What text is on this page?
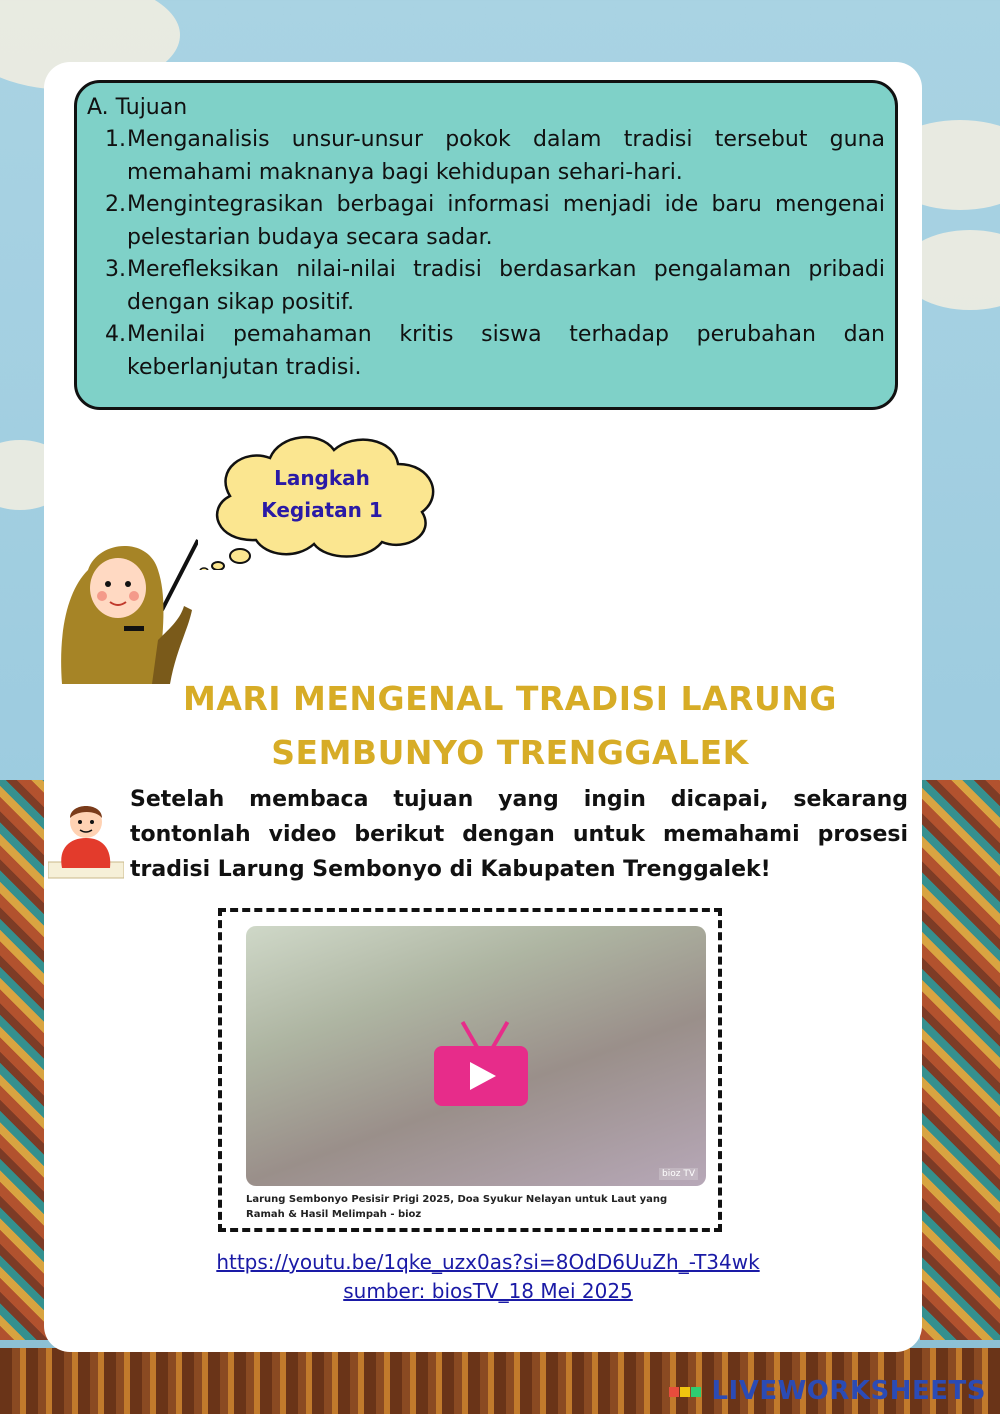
A. Tujuan

1. Menganalisis unsur-unsur pokok dalam tradisi tersebut guna memahami maknanya bagi kehidupan sehari-hari.
2. Mengintegrasikan berbagai informasi menjadi ide baru mengenai pelestarian budaya secara sadar.
3. Merefleksikan nilai-nilai tradisi berdasarkan pengalaman pribadi dengan sikap positif.
4. Menilai pemahaman kritis siswa terhadap perubahan dan keberlanjutan tradisi.
Langkah
Kegiatan 1
MARI MENGENAL TRADISI LARUNG
SEMBUNYO TRENGGALEK
Setelah membaca tujuan yang ingin dicapai, sekarang tontonlah video berikut dengan untuk memahami prosesi tradisi Larung Sembonyo di Kabupaten Trenggalek!
bioz TV
Larung Sembonyo Pesisir Prigi 2025, Doa Syukur Nelayan untuk Laut yang Ramah & Hasil Melimpah - bioz
https://youtu.be/1qke_uzx0as?si=8OdD6UuZh_-T34wk
sumber: biosTV_18 Mei 2025
LIVEWORKSHEETS
